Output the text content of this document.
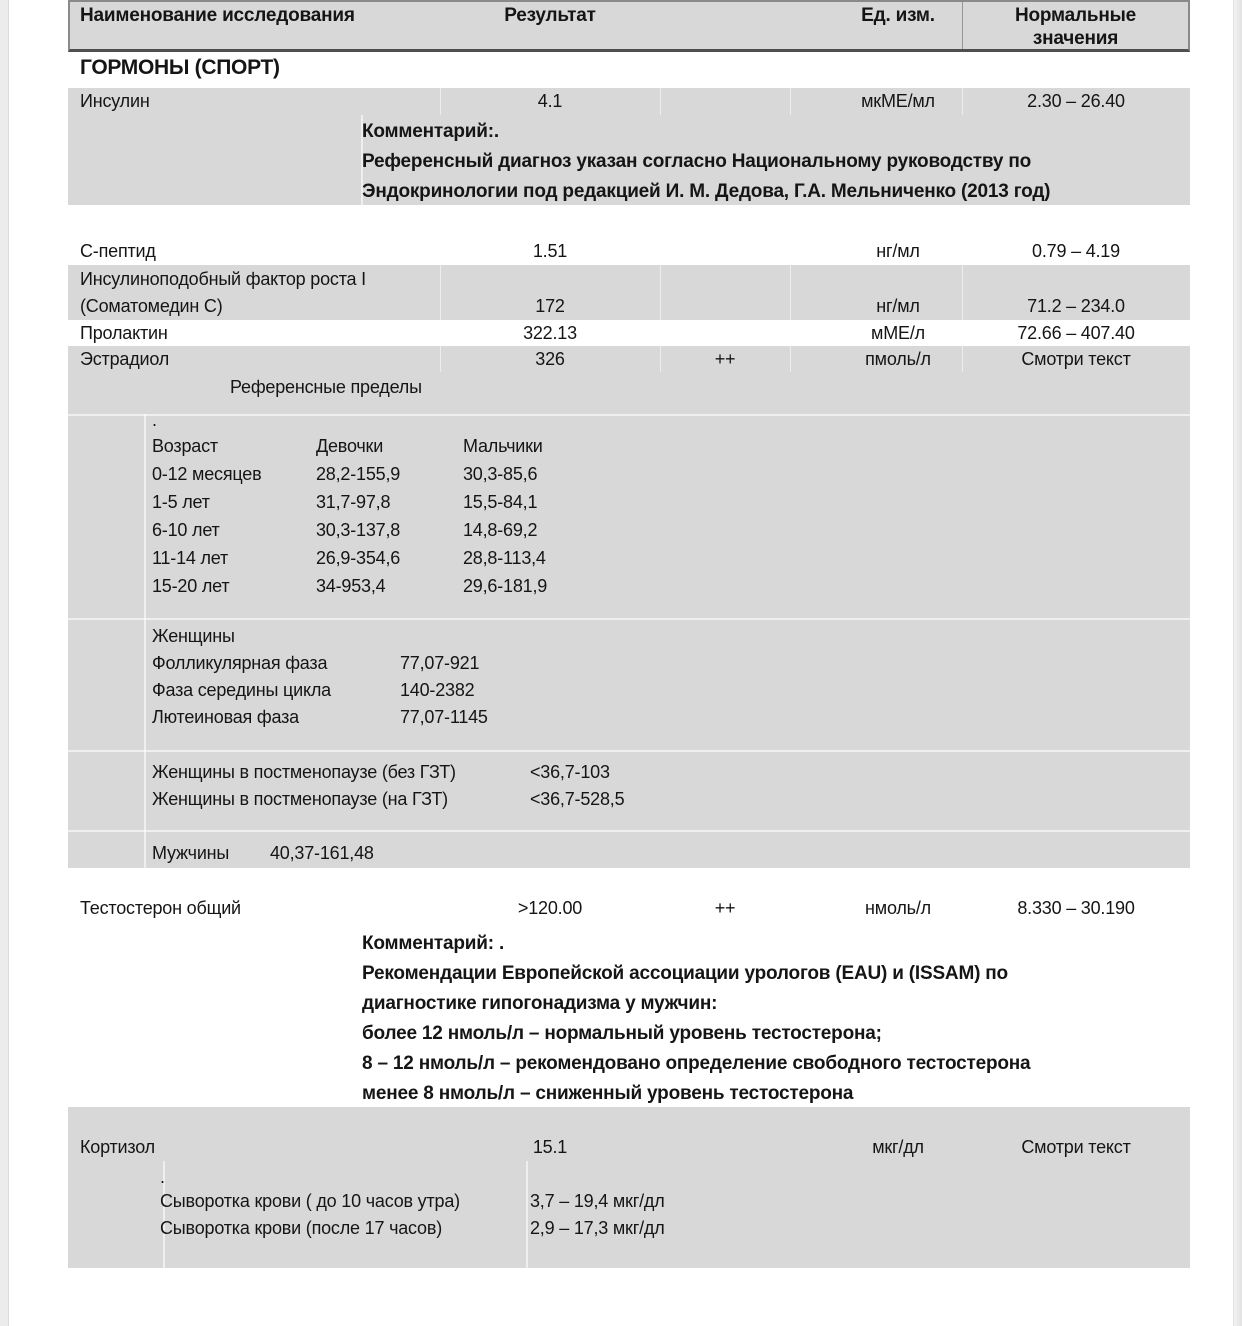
Наименование исследования	Результат	Ед. изм.	Нормальные
значения
ГОРМОНЫ (СПОРТ)
Инсулин	4.1	мкМЕ/мл	2.30 – 26.40
Комментарий:.
Референсный диагноз указан согласно Национальному руководству по
Эндокринологии под редакцией И. М. Дедова, Г.А. Мельниченко (2013 год)
С-пептид	1.51	нг/мл	0.79 – 4.19
Инсулиноподобный фактор роста I
(Соматомедин С)	172	нг/мл	71.2 – 234.0
Пролактин	322.13	мМЕ/л	72.66 – 407.40
Эстрадиол	326	++	пмоль/л	Смотри текст
Референсные пределы
.
Возраст	Девочки	Мальчики
0-12 месяцев	28,2-155,9	30,3-85,6
1-5 лет	31,7-97,8	15,5-84,1
6-10 лет	30,3-137,8	14,8-69,2
11-14 лет	26,9-354,6	28,8-113,4
15-20 лет	34-953,4	29,6-181,9
Женщины
Фолликулярная фаза	77,07-921
Фаза середины цикла	140-2382
Лютеиновая фаза	77,07-1145
Женщины в постменопаузе (без ГЗТ)	<36,7-103
Женщины в постменопаузе (на ГЗТ)	<36,7-528,5
Мужчины 40,37-161,48
Тестостерон общий	>120.00	++	нмоль/л	8.330 – 30.190
Комментарий: .
Рекомендации Европейской ассоциации урологов (EAU) и (ISSAM) по
диагностике гипогонадизма у мужчин:
более 12 нмоль/л – нормальный уровень тестостерона;
8 – 12 нмоль/л – рекомендовано определение свободного тестостерона
менее 8 нмоль/л – сниженный уровень тестостерона
Кортизол	15.1	мкг/дл	Смотри текст
.
Сыворотка крови ( до 10 часов утра)	3,7 – 19,4 мкг/дл
Сыворотка крови (после 17 часов)	2,9 – 17,3 мкг/дл
